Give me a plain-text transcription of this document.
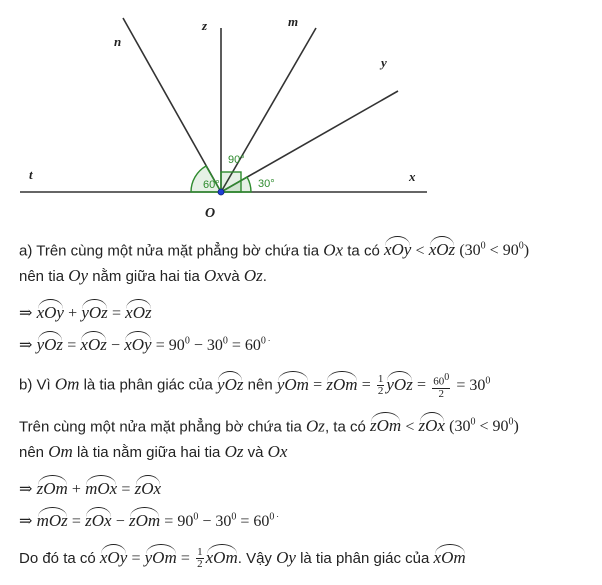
90°
60°	30°
n
z	m
y
t	x
O
a) Trên cùng một nửa mặt phẳng bờ chứa tia Ox ta có xOy < xOz $(30^0 < 90^0)$
nên tia Oy nằm giữa hai tia Oxvà Oz.
⇒ xOy + yOz = xOz
⇒ yOz = xOz − xOy = $90^0 - 30^0 = 60^0$ .
b) Vì Om là tia phân giác của yOz nên yOm = zOm = $\frac{1}{2}$ yOz = $\frac{60^0}{2} = 30^0$
Trên cùng một nửa mặt phẳng bờ chứa tia Oz, ta có zOm < zOx $(30^0 < 90^0)$
nên Om là tia nằm giữa hai tia Oz và Ox
⇒ zOm + mOx = zOx
⇒ mOz = zOx − zOm = $90^0 - 30^0 = 60^0$ .
Do đó ta có xOy = yOm = $\frac{1}{2}$ xOm. Vậy Oy là tia phân giác của xOm
